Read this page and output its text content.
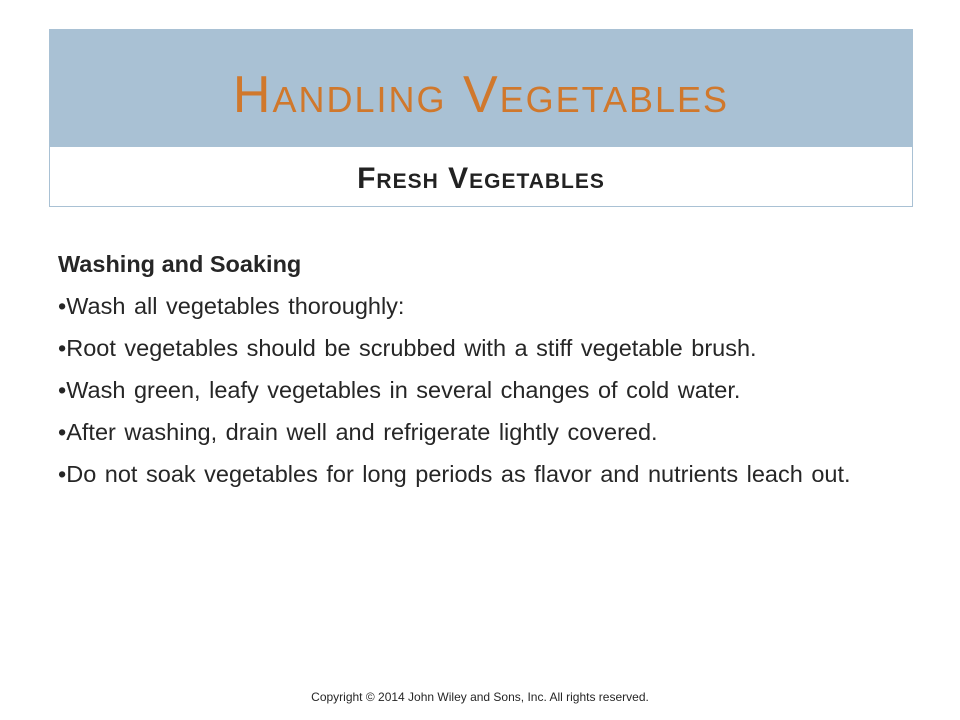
Handling Vegetables
Fresh Vegetables

Washing and Soaking

•Wash all vegetables thoroughly:
•Root vegetables should be scrubbed with a stiff vegetable brush.
•Wash green, leafy vegetables in several changes of cold water.
•After washing, drain well and refrigerate lightly covered.
•Do not soak vegetables for long periods as flavor and nutrients leach out.
Copyright © 2014 John Wiley and Sons, Inc. All rights reserved.
